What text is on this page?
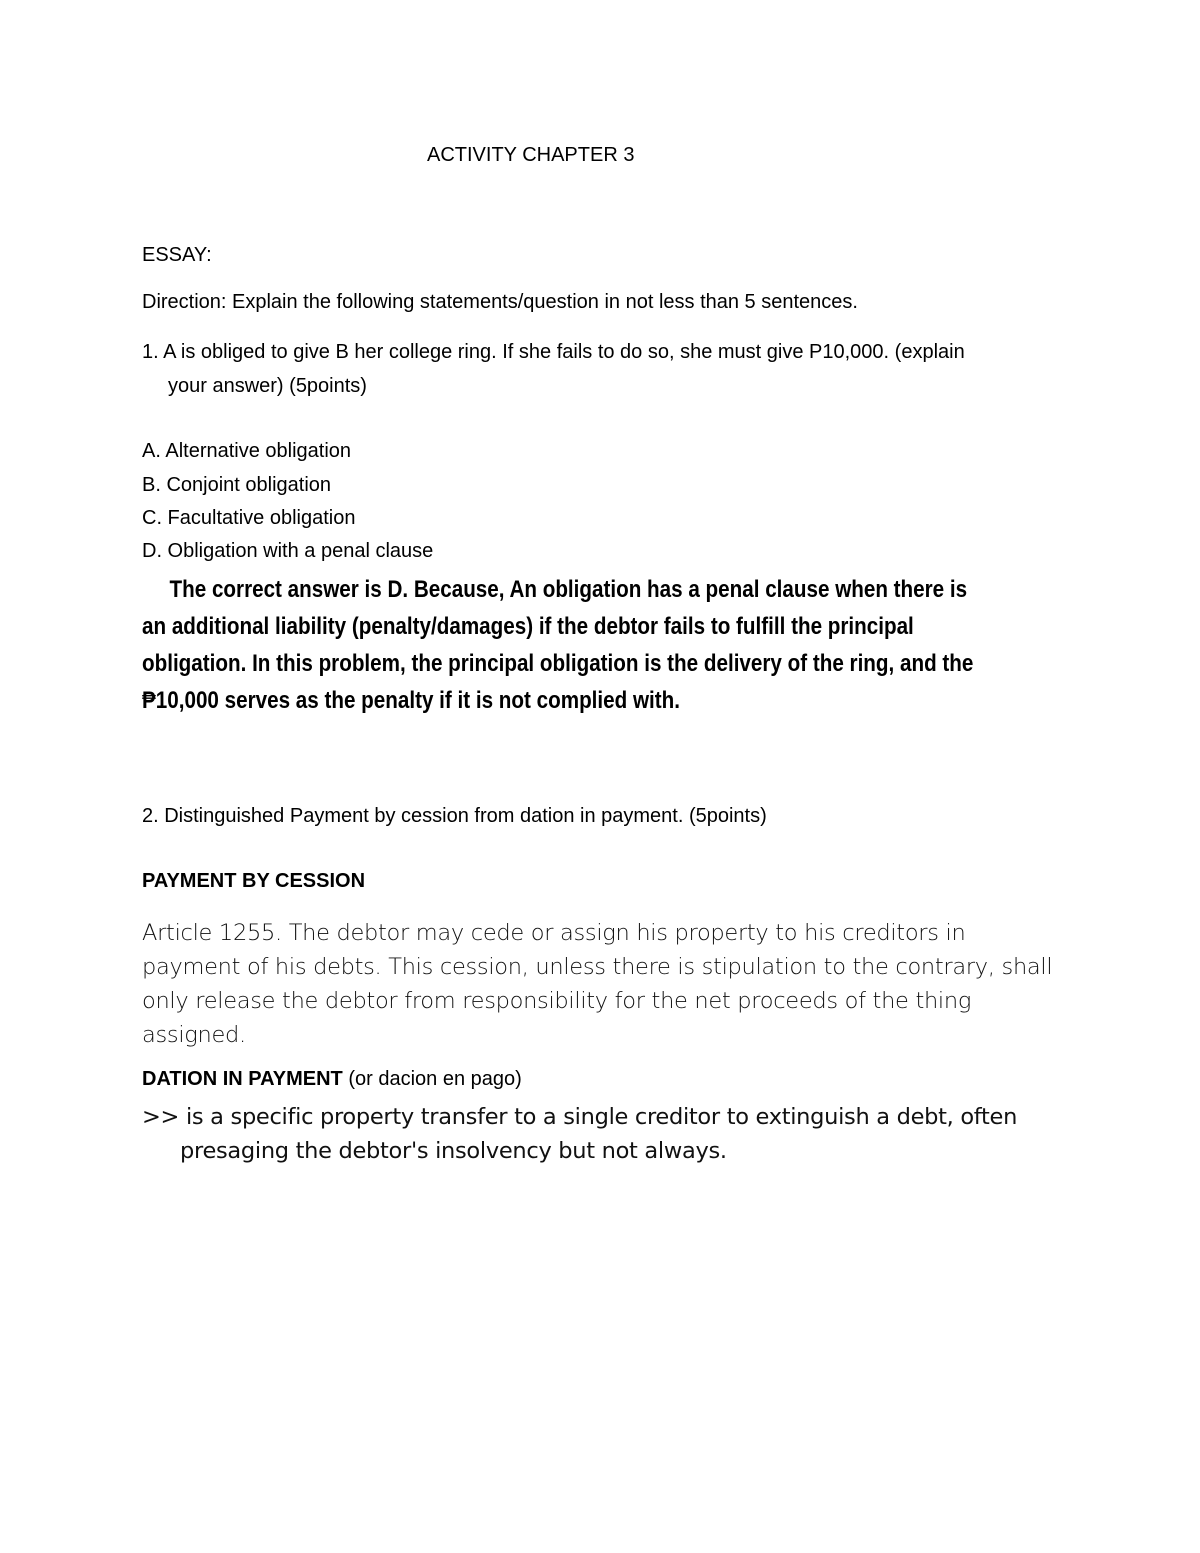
ACTIVITY CHAPTER 3
ESSAY:
Direction: Explain the following statements/question in not less than 5 sentences.
1. A is obliged to give B her college ring. If she fails to do so, she must give P10,000. (explain
your answer) (5points)
A. Alternative obligation
B. Conjoint obligation
C. Facultative obligation
D. Obligation with a penal clause
The correct answer is D. Because, An obligation has a penal clause when there is
an additional liability (penalty/damages) if the debtor fails to fulfill the principal
obligation. In this problem, the principal obligation is the delivery of the ring, and the
₱10,000 serves as the penalty if it is not complied with.
2. Distinguished Payment by cession from dation in payment. (5points)
PAYMENT BY CESSION
Article 1255. The debtor may cede or assign his property to his creditors in
payment of his debts. This cession, unless there is stipulation to the contrary, shall
only release the debtor from responsibility for the net proceeds of the thing
assigned.
DATION IN PAYMENT (or dacion en pago)
>> is a specific property transfer to a single creditor to extinguish a debt, often
presaging the debtor's insolvency but not always.
